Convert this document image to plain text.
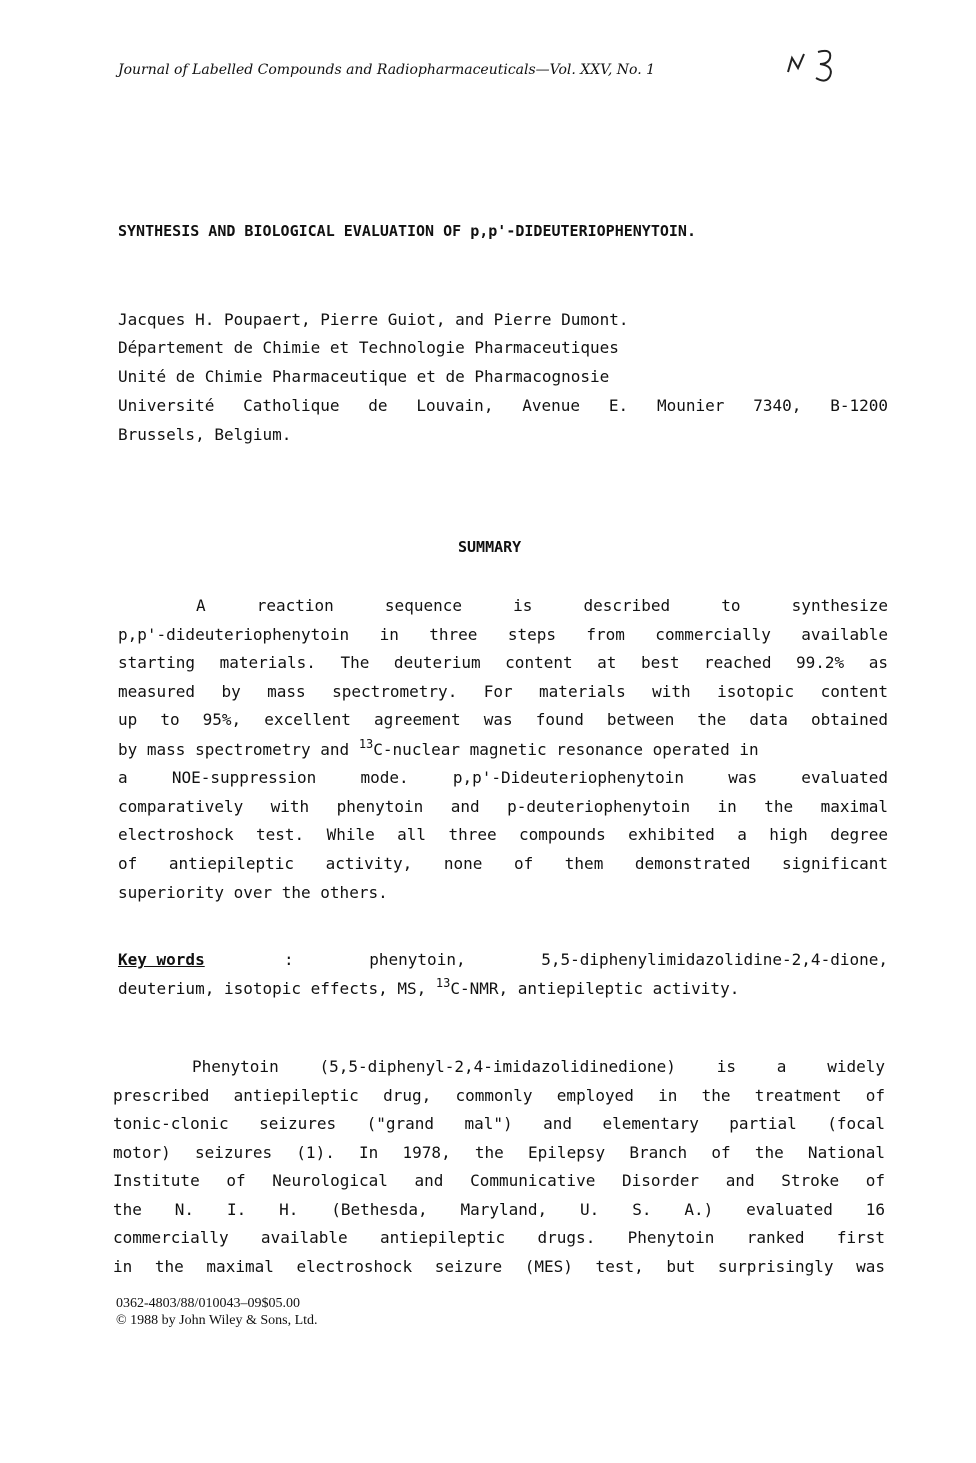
Journal of Labelled Compounds and Radiopharmaceuticals—Vol. XXV, No. 1
SYNTHESIS AND BIOLOGICAL EVALUATION OF p,p'-DIDEUTERIOPHENYTOIN.
Jacques H. Poupaert, Pierre Guiot, and Pierre Dumont.
Département de Chimie et Technologie Pharmaceutiques
Unité de Chimie Pharmaceutique et de Pharmacognosie
Université Catholique de Louvain, Avenue E. Mounier 7340, B-1200
Brussels, Belgium.
SUMMARY
A reaction sequence is described to synthesize
p,p'-dideuteriophenytoin in three steps from commercially available
starting materials. The deuterium content at best reached 99.2% as
measured by mass spectrometry. For materials with isotopic content
up to 95%, excellent agreement was found between the data obtained
by mass spectrometry and $^{13}$C-nuclear magnetic resonance operated in
a NOE-suppression mode. p,p'-Dideuteriophenytoin was evaluated
comparatively with phenytoin and p-deuteriophenytoin in the maximal
electroshock test. While all three compounds exhibited a high degree
of antiepileptic activity, none of them demonstrated significant
superiority over the others.
Key words	: phenytoin, 5,5-diphenylimidazolidine-2,4-dione,
deuterium, isotopic effects, MS, $^{13}$C-NMR, antiepileptic activity.
Phenytoin (5,5-diphenyl-2,4-imidazolidinedione) is a widely
prescribed antiepileptic drug, commonly employed in the treatment of
tonic-clonic seizures ("grand mal") and elementary partial (focal
motor) seizures (1). In 1978, the Epilepsy Branch of the National
Institute of Neurological and Communicative Disorder and Stroke of
the N. I. H. (Bethesda, Maryland, U. S. A.) evaluated 16
commercially available antiepileptic drugs. Phenytoin ranked first
in the maximal electroshock seizure (MES) test, but surprisingly was
0362-4803/88/010043–09$05.00
© 1988 by John Wiley & Sons, Ltd.
